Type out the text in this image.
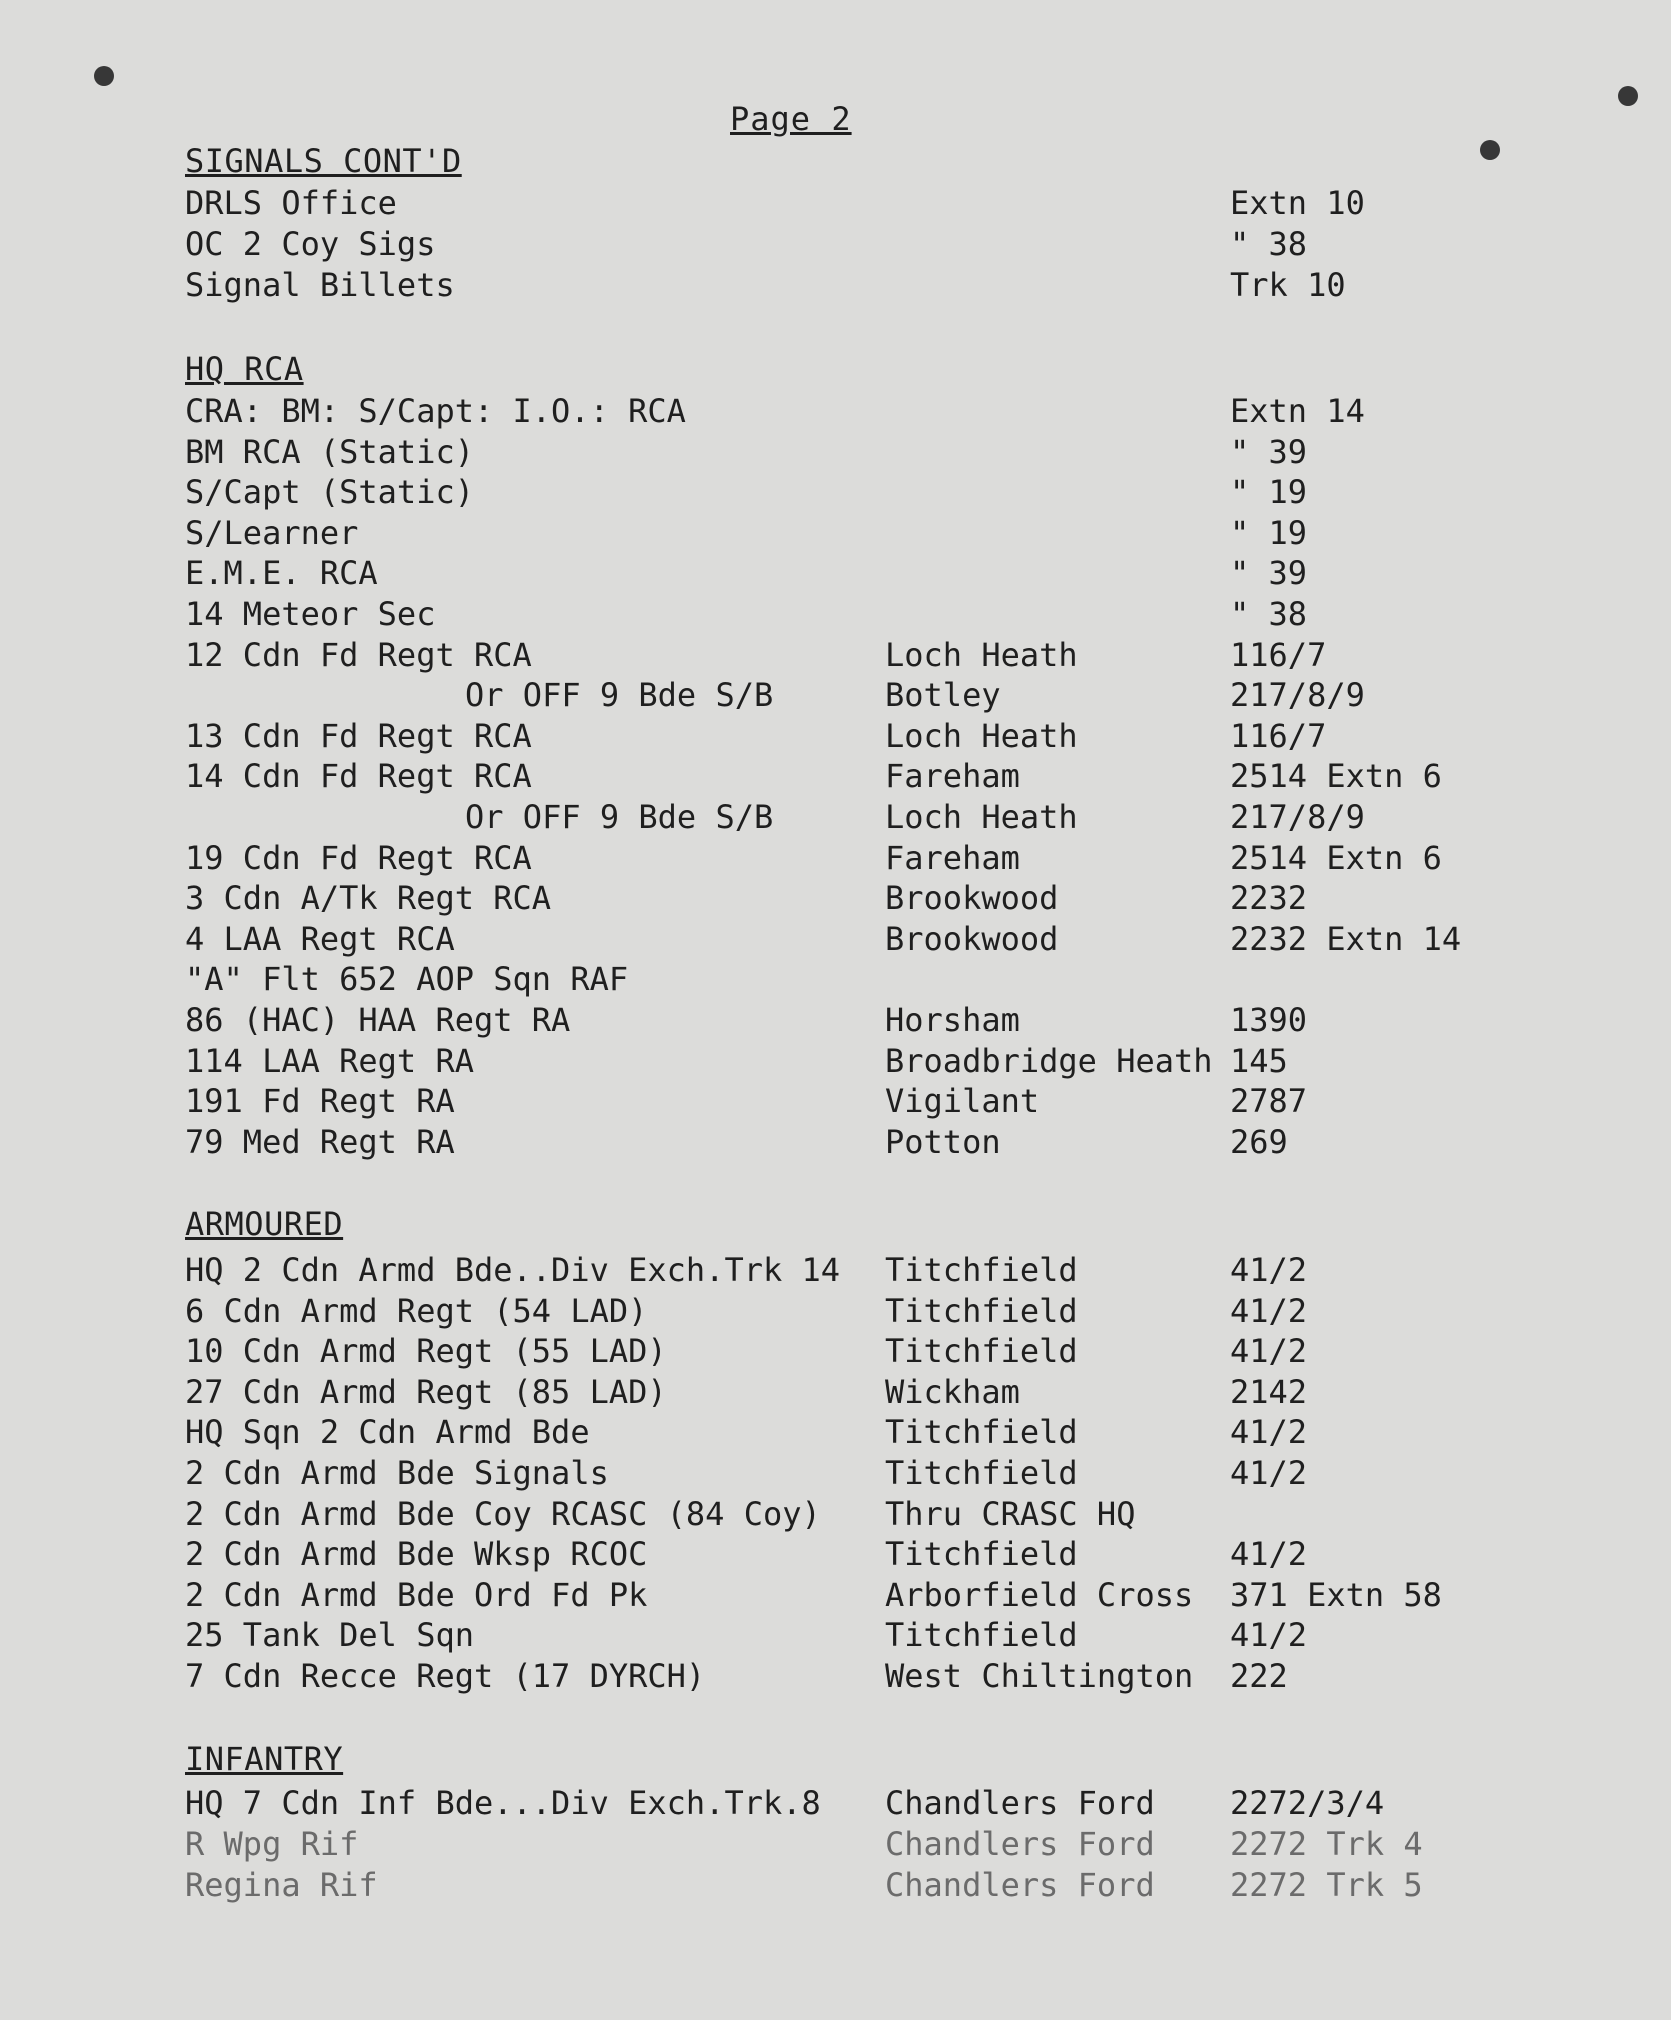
Page 2
SIGNALS CONT'D
DRLS Office	Extn 10
OC 2 Coy Sigs	" 38
Signal Billets	Trk 10
HQ RCA
CRA: BM: S/Capt: I.O.: RCA	Extn 14
BM RCA (Static)	" 39
S/Capt (Static)	" 19
S/Learner	" 19
E.M.E. RCA	" 39
14 Meteor Sec	" 38
12 Cdn Fd Regt RCA	Loch Heath	116/7
Or OFF 9 Bde S/B	Botley	217/8/9
13 Cdn Fd Regt RCA	Loch Heath	116/7
14 Cdn Fd Regt RCA	Fareham	2514 Extn 6
Or OFF 9 Bde S/B	Loch Heath	217/8/9
19 Cdn Fd Regt RCA	Fareham	2514 Extn 6
3 Cdn A/Tk Regt RCA	Brookwood	2232
4 LAA Regt RCA	Brookwood	2232 Extn 14
"A" Flt 652 AOP Sqn RAF
86 (HAC) HAA Regt RA	Horsham	1390
114 LAA Regt RA	Broadbridge Heath 145
191 Fd Regt RA	Vigilant	2787
79 Med Regt RA	Potton	269
ARMOURED
HQ 2 Cdn Armd Bde..Div Exch.Trk 14 Titchfield	41/2
6 Cdn Armd Regt (54 LAD)	Titchfield	41/2
10 Cdn Armd Regt (55 LAD)	Titchfield	41/2
27 Cdn Armd Regt (85 LAD)	Wickham	2142
HQ Sqn 2 Cdn Armd Bde	Titchfield	41/2
2 Cdn Armd Bde Signals	Titchfield	41/2
2 Cdn Armd Bde Coy RCASC (84 Coy) Thru CRASC HQ
2 Cdn Armd Bde Wksp RCOC	Titchfield	41/2
2 Cdn Armd Bde Ord Fd Pk	Arborfield Cross 371 Extn 58
25 Tank Del Sqn	Titchfield	41/2
7 Cdn Recce Regt (17 DYRCH)	West Chiltington 222
INFANTRY
HQ 7 Cdn Inf Bde...Div Exch.Trk.8 Chandlers Ford 2272/3/4
R Wpg Rif	Chandlers Ford 2272 Trk 4
Regina Rif	Chandlers Ford 2272 Trk 5
